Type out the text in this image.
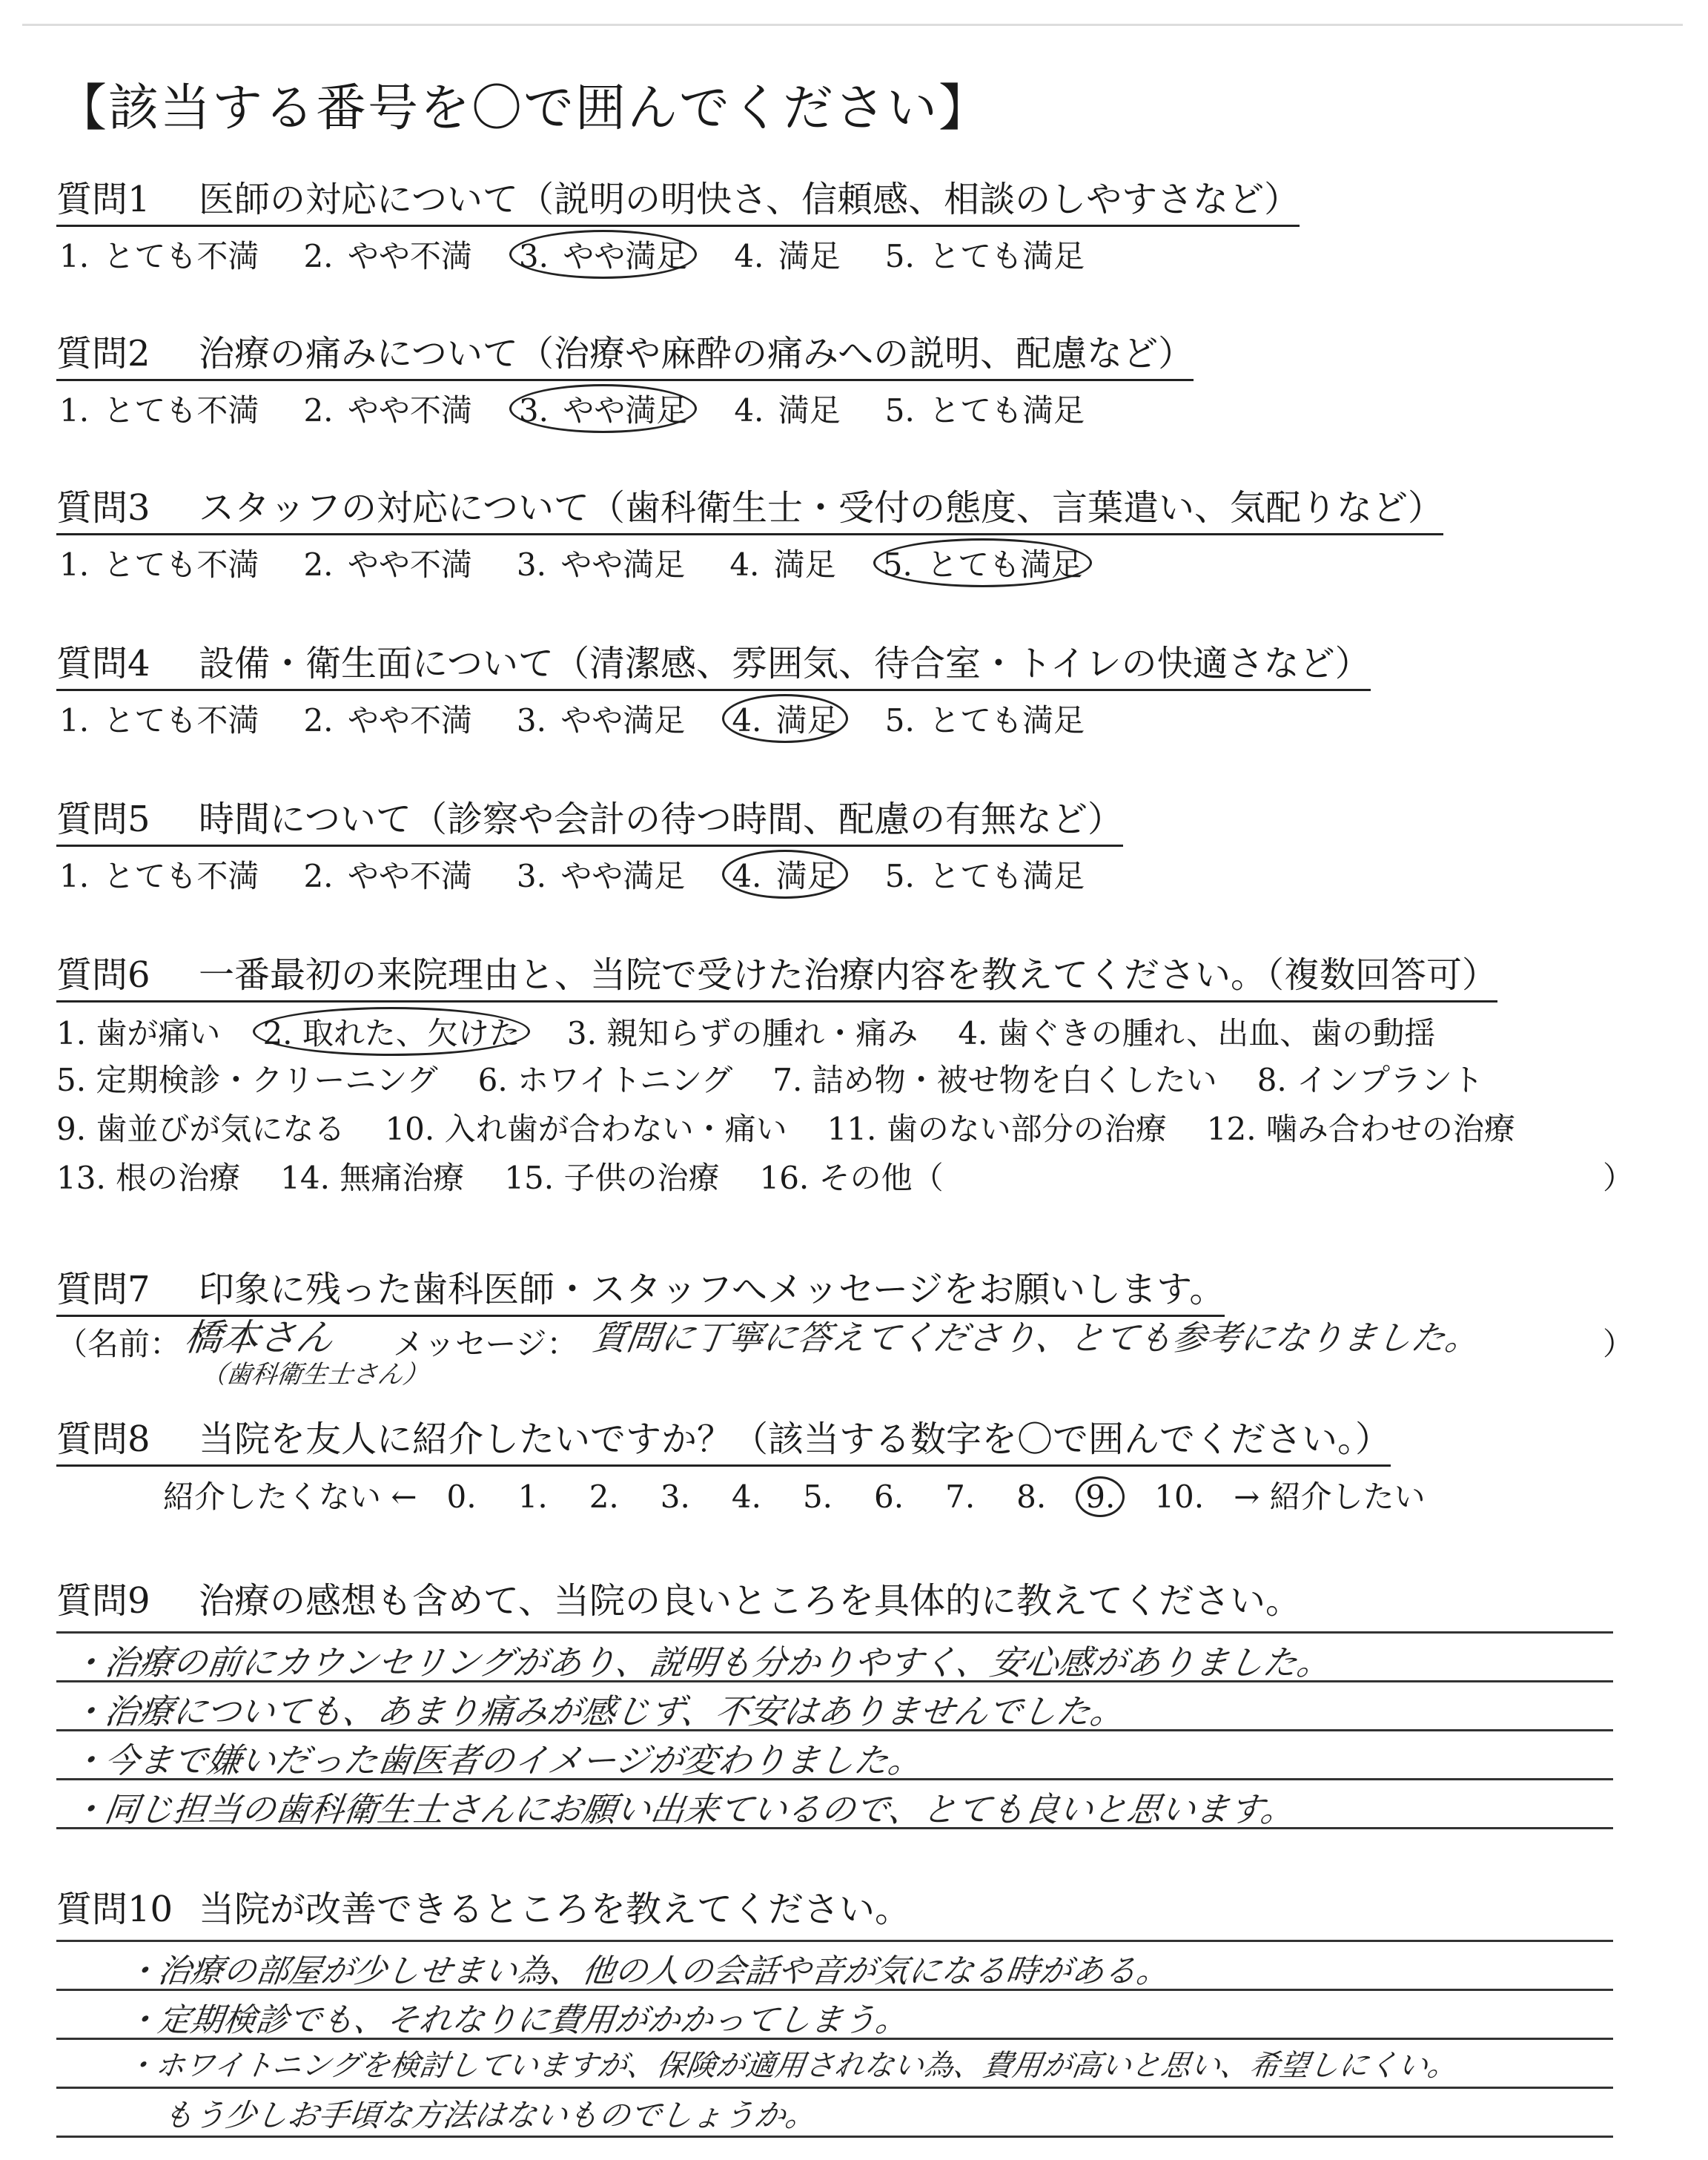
【該当する番号を〇で囲んでください】
質問1 医師の対応について（説明の明快さ、信頼感、相談のしやすさなど）
1. とても不満 2. やや不満 3. やや満足 4. 満足 5. とても満足
質問2 治療の痛みについて（治療や麻酔の痛みへの説明、配慮など）
1. とても不満 2. やや不満 3. やや満足 4. 満足 5. とても満足
質問3 スタッフの対応について（歯科衛生士・受付の態度、言葉遣い、気配りなど）
1. とても不満 2. やや不満 3. やや満足 4. 満足 5. とても満足
質問4 設備・衛生面について（清潔感、雰囲気、待合室・トイレの快適さなど）
1. とても不満 2. やや不満 3. やや満足 4. 満足 5. とても満足
質問5 時間について（診察や会計の待つ時間、配慮の有無など）
1. とても不満 2. やや不満 3. やや満足 4. 満足 5. とても満足
質問6 一番最初の来院理由と、当院で受けた治療内容を教えてください。（複数回答可）
1. 歯が痛い 2. 取れた、欠けた 3. 親知らずの腫れ・痛み 4. 歯ぐきの腫れ、出血、歯の動揺
5. 定期検診・クリーニング 6. ホワイトニング 7. 詰め物・被せ物を白くしたい 8. インプラント
9. 歯並びが気になる 10. 入れ歯が合わない・痛い 11. 歯のない部分の治療 12. 噛み合わせの治療
13. 根の治療 14. 無痛治療 15. 子供の治療 16. その他（	）
質問7 印象に残った歯科医師・スタッフへメッセージをお願いします。
（名前： 橋本さん
（歯科衛生士さん）
メッセージ： 質問に丁寧に答えてくださり、とても参考になりました。	）
質問8 当院を友人に紹介したいですか？（該当する数字を〇で囲んでください。）
紹介したくない ← 0. 1. 2. 3. 4. 5. 6. 7. 8. 9. 10. → 紹介したい
質問9 治療の感想も含めて、当院の良いところを具体的に教えてください。
・治療の前にカウンセリングがあり、説明も分かりやすく、安心感がありました。
・治療についても、あまり痛みが感じず、不安はありませんでした。
・今まで嫌いだった歯医者のイメージが変わりました。
・同じ担当の歯科衛生士さんにお願い出来ているので、とても良いと思います。
質問10 当院が改善できるところを教えてください。
・治療の部屋が少しせまい為、他の人の会話や音が気になる時がある。
・定期検診でも、それなりに費用がかかってしまう。
・ホワイトニングを検討していますが、保険が適用されない為、費用が高いと思い、希望しにくい。
もう少しお手頃な方法はないものでしょうか。
